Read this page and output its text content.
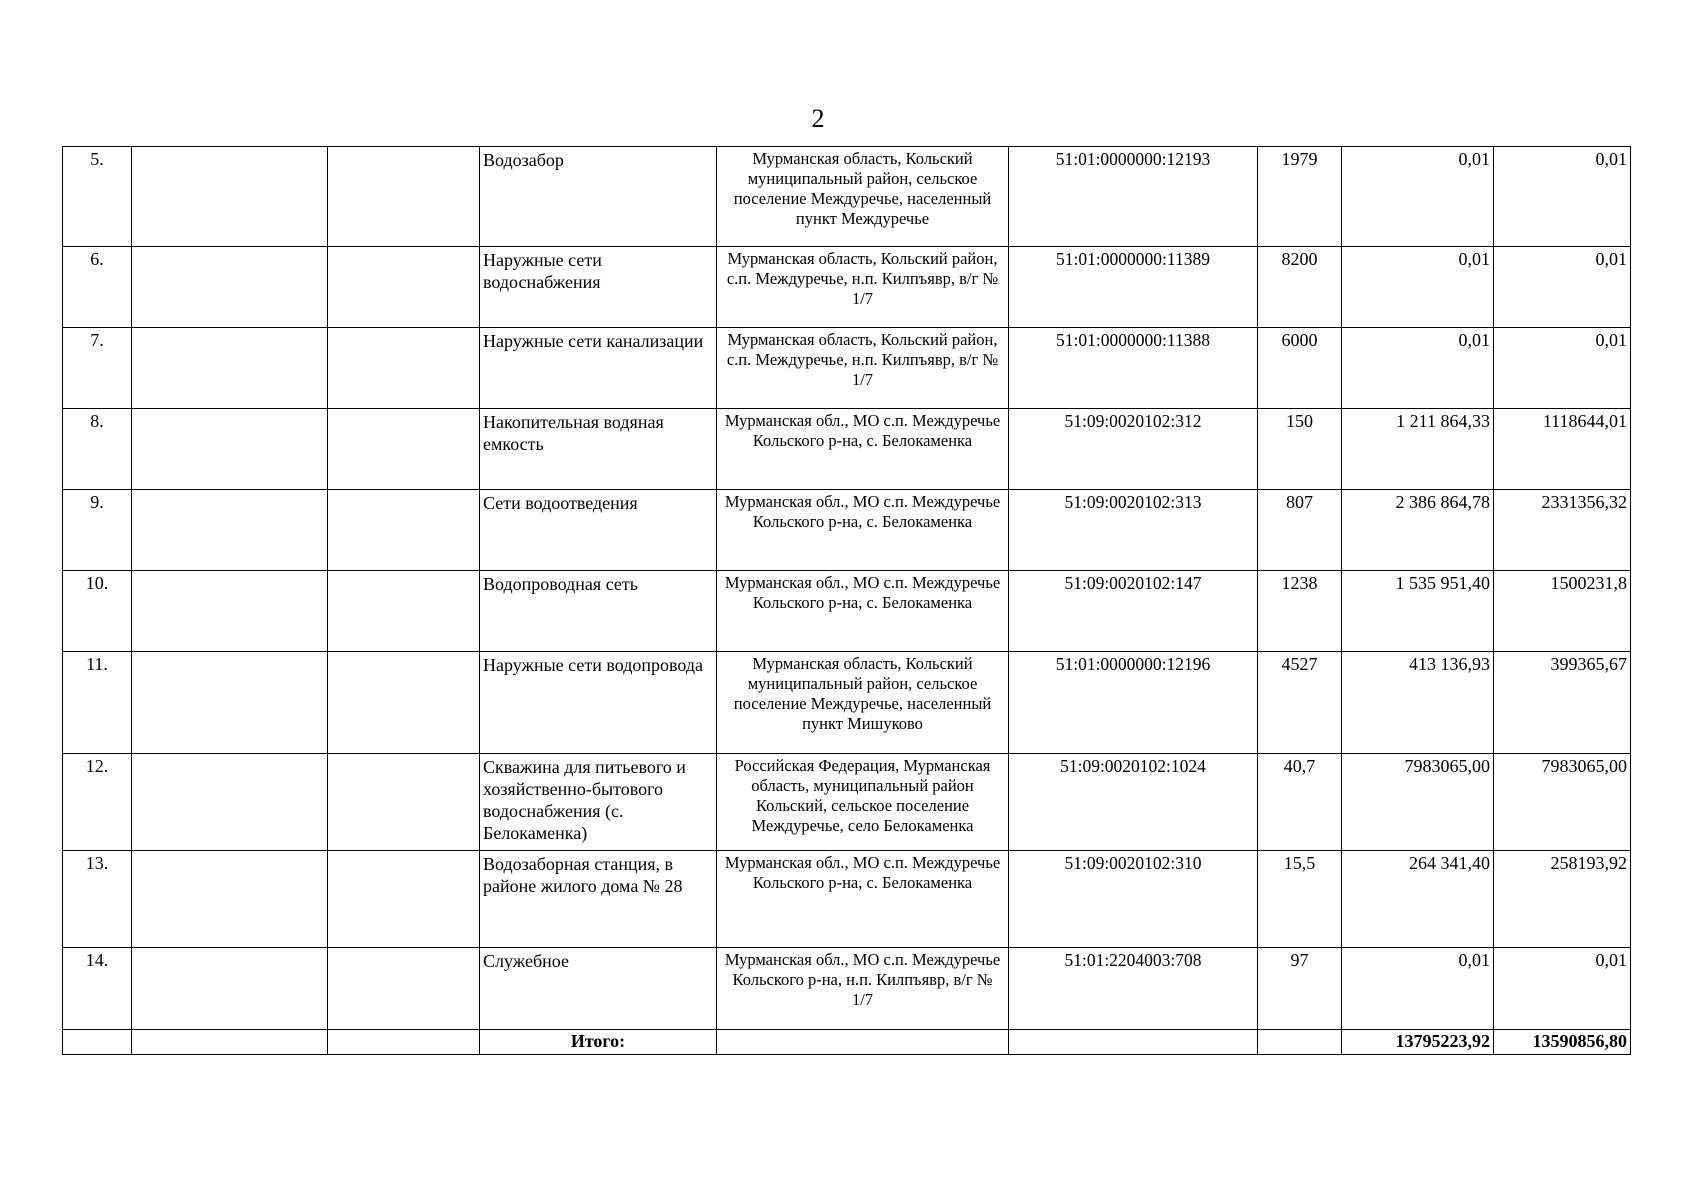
2
5.			Водозабор	Мурманская область, Кольский муниципальный район, сельское поселение Междуречье, населенный пункт Междуречье	51:01:0000000:12193	1979	0,01	0,01
6.			Наружные сети водоснабжения	Мурманская область, Кольский район, с.п. Междуречье, н.п. Килпъявр, в/г № 1/7	51:01:0000000:11389	8200	0,01	0,01
7.			Наружные сети канализации	Мурманская область, Кольский район, с.п. Междуречье, н.п. Килпъявр, в/г № 1/7	51:01:0000000:11388	6000	0,01	0,01
8.			Накопительная водяная емкость	Мурманская обл., МО с.п. Междуречье Кольского р-на, с. Белокаменка	51:09:0020102:312	150	1 211 864,33	1118644,01
9.			Сети водоотведения	Мурманская обл., МО с.п. Междуречье Кольского р-на, с. Белокаменка	51:09:0020102:313	807	2 386 864,78	2331356,32
10.			Водопроводная сеть	Мурманская обл., МО с.п. Междуречье Кольского р-на, с. Белокаменка	51:09:0020102:147	1238	1 535 951,40	1500231,8
11.			Наружные сети водопровода	Мурманская область, Кольский муниципальный район, сельское поселение Междуречье, населенный пункт Мишуково	51:01:0000000:12196	4527	413 136,93	399365,67
12.			Скважина для питьевого и хозяйственно-бытового водоснабжения (с. Белокаменка)	Российская Федерация, Мурманская область, муниципальный район Кольский, сельское поселение Междуречье, село Белокаменка	51:09:0020102:1024	40,7	7983065,00	7983065,00
13.			Водозаборная станция, в районе жилого дома № 28	Мурманская обл., МО с.п. Междуречье Кольского р-на, с. Белокаменка	51:09:0020102:310	15,5	264 341,40	258193,92
14.			Служебное	Мурманская обл., МО с.п. Междуречье Кольского р-на, н.п. Килпъявр, в/г № 1/7	51:01:2204003:708	97	0,01	0,01
			Итого:				13795223,92	13590856,80
